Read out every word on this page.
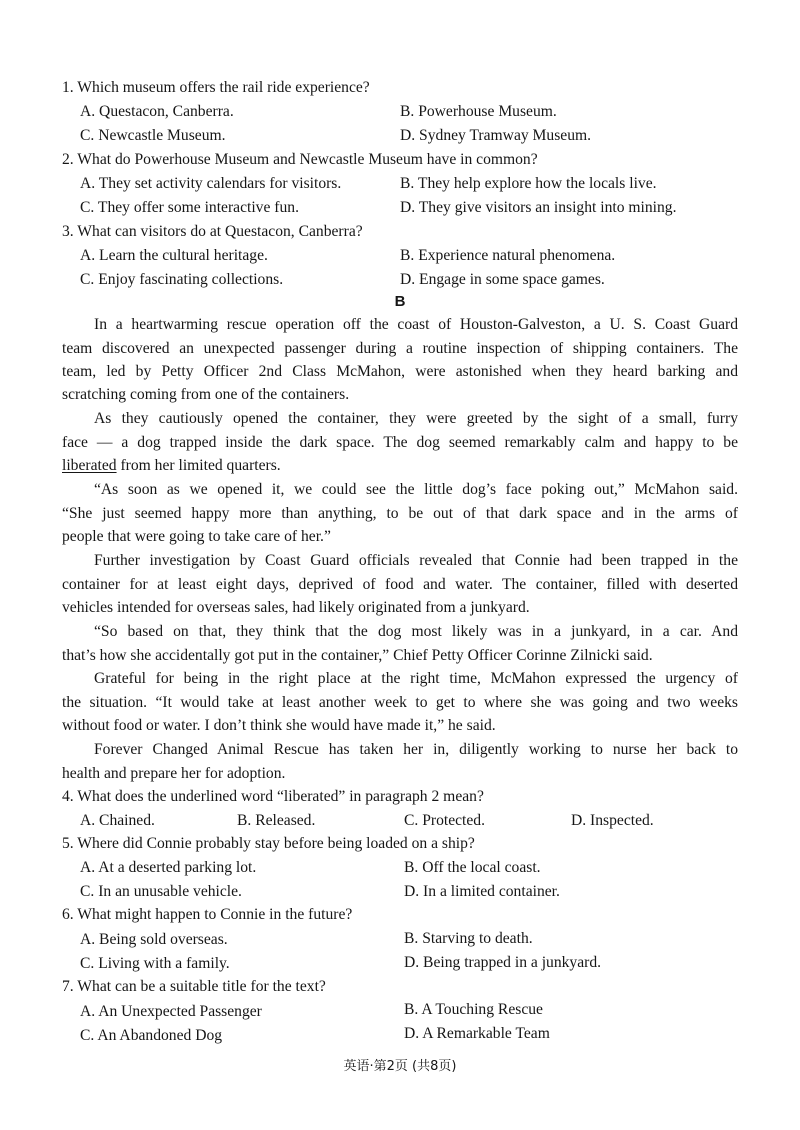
1. Which museum offers the rail ride experience?
A. Questacon, Canberra.	B. Powerhouse Museum.
C. Newcastle Museum.	D. Sydney Tramway Museum.
2. What do Powerhouse Museum and Newcastle Museum have in common?
A. They set activity calendars for visitors.	B. They help explore how the locals live.
C. They offer some interactive fun.	D. They give visitors an insight into mining.
3. What can visitors do at Questacon, Canberra?
A. Learn the cultural heritage.	B. Experience natural phenomena.
C. Enjoy fascinating collections.	D. Engage in some space games.
B
In a heartwarming rescue operation off the coast of Houston-Galveston, a U. S. Coast Guard
team discovered an unexpected passenger during a routine inspection of shipping containers. The
team, led by Petty Officer 2nd Class McMahon, were astonished when they heard barking and
scratching coming from one of the containers.
As they cautiously opened the container, they were greeted by the sight of a small, furry
face — a dog trapped inside the dark space. The dog seemed remarkably calm and happy to be
liberated from her limited quarters.
“As soon as we opened it, we could see the little dog’s face poking out,” McMahon said.
“She just seemed happy more than anything, to be out of that dark space and in the arms of
people that were going to take care of her.”
Further investigation by Coast Guard officials revealed that Connie had been trapped in the
container for at least eight days, deprived of food and water. The container, filled with deserted
vehicles intended for overseas sales, had likely originated from a junkyard.
“So based on that, they think that the dog most likely was in a junkyard, in a car. And
that’s how she accidentally got put in the container,” Chief Petty Officer Corinne Zilnicki said.
Grateful for being in the right place at the right time, McMahon expressed the urgency of
the situation. “It would take at least another week to get to where she was going and two weeks
without food or water. I don’t think she would have made it,” he said.
Forever Changed Animal Rescue has taken her in, diligently working to nurse her back to
health and prepare her for adoption.
4. What does the underlined word “liberated” in paragraph 2 mean?
A. Chained.	B. Released.	C. Protected.	D. Inspected.
5. Where did Connie probably stay before being loaded on a ship?
A. At a deserted parking lot.	B. Off the local coast.
C. In an unusable vehicle.	D. In a limited container.
6. What might happen to Connie in the future?
A. Being sold overseas.	B. Starving to death.
C. Living with a family.	D. Being trapped in a junkyard.
7. What can be a suitable title for the text?
A. An Unexpected Passenger	B. A Touching Rescue
C. An Abandoned Dog	D. A Remarkable Team
英语·第2页 (共8页)
